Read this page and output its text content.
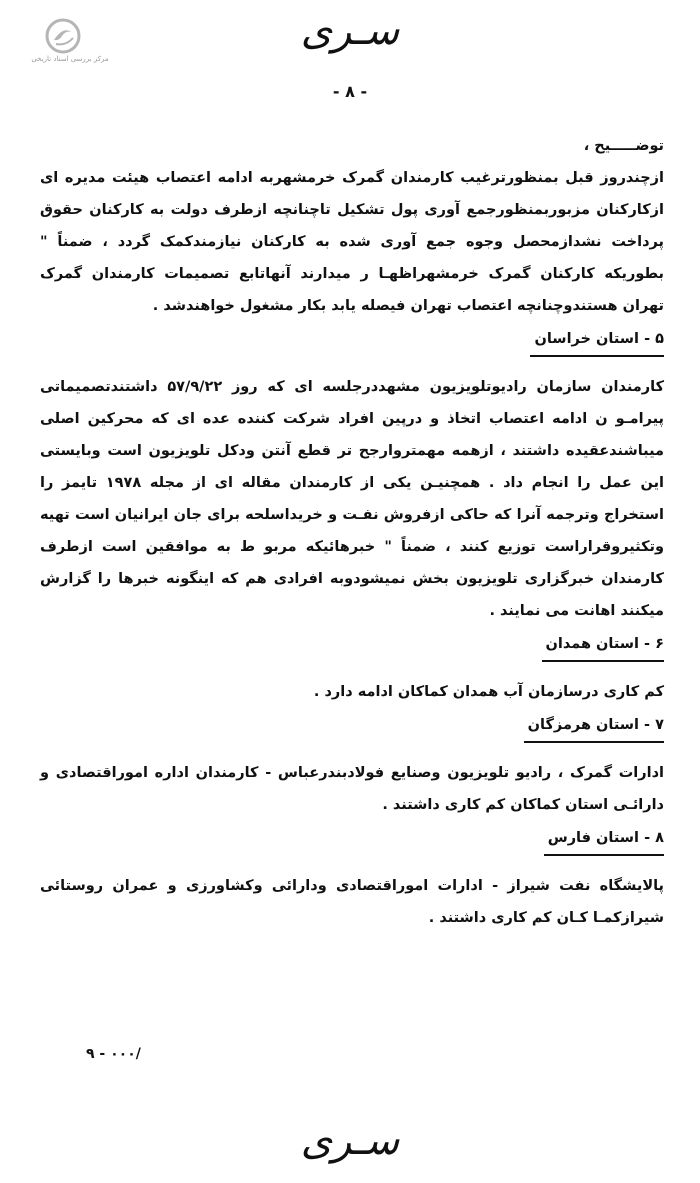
مرکز بررسی اسناد تاریخی
سـری
- ۸ -

توضـــــيح ،

ازچندروز قبل بمنظورترغيب کارمندان گمرک خرمشهربه ادامه اعتصاب هيئت مديره اى ازکارکنان مزبوربمنظورجمع آورى پول تشکيل تاچنانچه ازطرف دولت به کارکنان حقوق پرداخت نشدازمحصل وجوه جمع آورى شده به کارکنان نيازمندکمک گردد ، ضمناً " بطوريکه کارکنان گمرک خرمشهراظهـا ر ميدارند آنهاتابع تصميمات کارمندان گمرک تهران هستندوچنانچه اعتصاب تهران فيصله يابد بکار مشغول خواهندشد .

۵ - استان خراسان

کارمندان سازمان راديوتلويزيون مشهددرجلسه اى که روز ۵۷/۹/۲۲ داشتندتصميماتى پيرامـو ن ادامه اعتصاب اتخاذ و درپين افراد شرکت کننده عده اى که محرکين اصلى ميباشندعقيده داشتند ، ازهمه مهمتروارجح تر قطع آنتن ودکل تلويزيون است وبايستى اين عمل را انجام داد . همچنيـن يکى از کارمندان مقاله اى از مجله ۱۹۷۸ تايمز را استخراج وترجمه آنرا که حاکى ازفروش نفـت و خريداسلحه براى جان ايرانيان است تهيه وتکثيروقراراست توزيع کنند ، ضمناً " خبرهائيکه مربو ط به موافقين است ازطرف کارمندان خبرگزارى تلويزيون بخش نميشودوبه افرادى هم که اينگونه خبرها را گزارش ميکنند اهانت مى نمايند .

۶ - استان همدان

کم کارى درسازمان آب همدان کماکان ادامه دارد .

۷ - استان هرمزگان

ادارات گمرک ، راديو تلويزيون وصنايع فولادبندرعباس - کارمندان اداره اموراقتصادى و دارائـى استان کماکان کم کارى داشتند .

۸ - استان فارس

پالايشگاه نفت شيراز - ادارات اموراقتصادى ودارائى وکشاورزى و عمران روستائى شيرازکمـا کـان کم کارى داشتند .

۹ - ۰۰۰/
سـری
